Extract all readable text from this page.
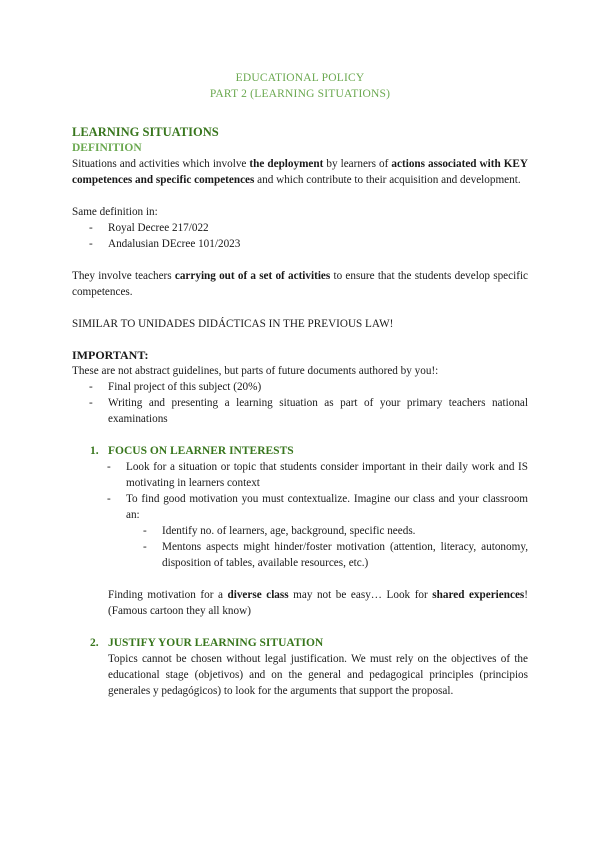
EDUCATIONAL POLICY
PART 2 (LEARNING SITUATIONS)
LEARNING SITUATIONS
DEFINITION

Situations and activities which involve the deployment by learners of actions associated with KEY competences and specific competences and which contribute to their acquisition and development.

Same definition in:

- Royal Decree 217/022
- Andalusian DEcree 101/2023

They involve teachers carrying out of a set of activities to ensure that the students develop specific competences.

SIMILAR TO UNIDADES DIDÁCTICAS IN THE PREVIOUS LAW!

IMPORTANT:

These are not abstract guidelines, but parts of future documents authored by you!:

- Final project of this subject (20%)
- Writing and presenting a learning situation as part of your primary teachers national examinations
1. FOCUS ON LEARNER INTERESTS
- Look for a situation or topic that students consider important in their daily work and IS motivating in learners context
- To find good motivation you must contextualize. Imagine our class and your classroom an:
- Identify no. of learners, age, background, specific needs.
- Mentons aspects might hinder/foster motivation (attention, literacy, autonomy, disposition of tables, available resources, etc.)

Finding motivation for a diverse class may not be easy… Look for shared experiences! (Famous cartoon they all know)

2. JUSTIFY YOUR LEARNING SITUATION

Topics cannot be chosen without legal justification. We must rely on the objectives of the educational stage (objetivos) and on the general and pedagogical principles (principios generales y pedagógicos) to look for the arguments that support the proposal.
